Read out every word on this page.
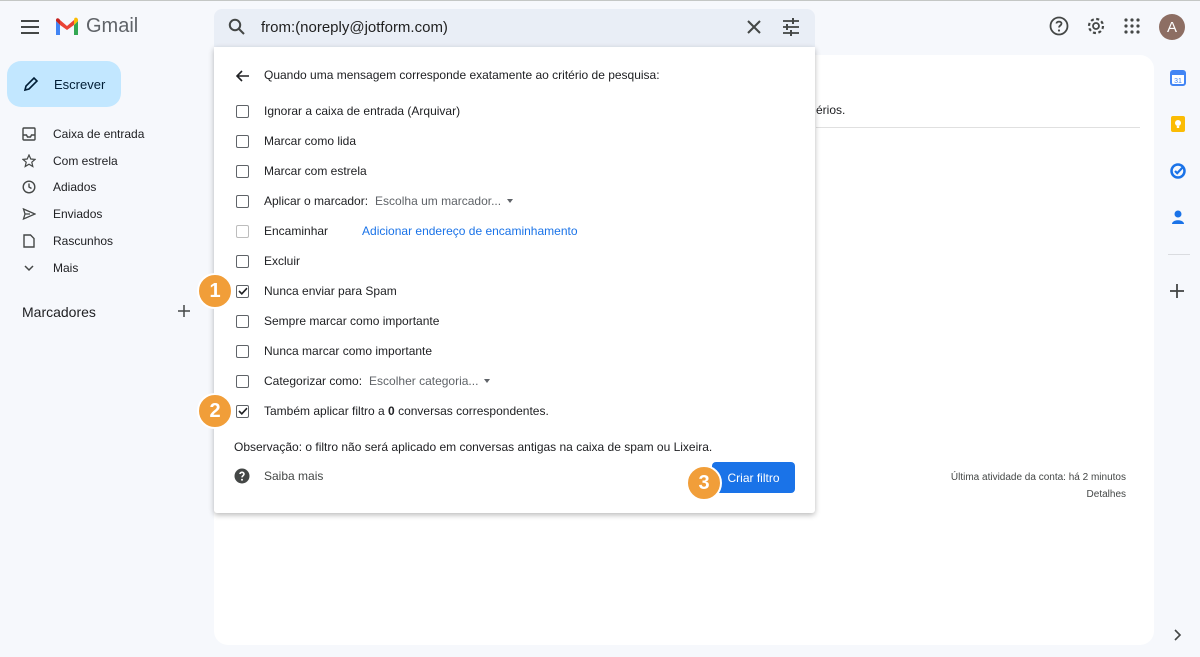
Gmail	from:(noreply@jotform.com)	A
Escrever
Caixa de entrada
Com estrela
Adiados
Enviados
Rascunhos
Mais
Marcadores
érios.
Última atividade da conta: há 2 minutos
Detalhes
31
Quando uma mensagem corresponde exatamente ao critério de pesquisa:
Ignorar a caixa de entrada (Arquivar)
Marcar como lida
Marcar com estrela
Aplicar o marcador: Escolha um marcador...
Encaminhar	Adicionar endereço de encaminhamento
Excluir
Nunca enviar para Spam
Sempre marcar como importante
Nunca marcar como importante
Categorizar como: Escolher categoria...
Também aplicar filtro a 0 conversas correspondentes.
Observação: o filtro não será aplicado em conversas antigas na caixa de spam ou Lixeira.
Saiba mais	Criar filtro
1
2
3
